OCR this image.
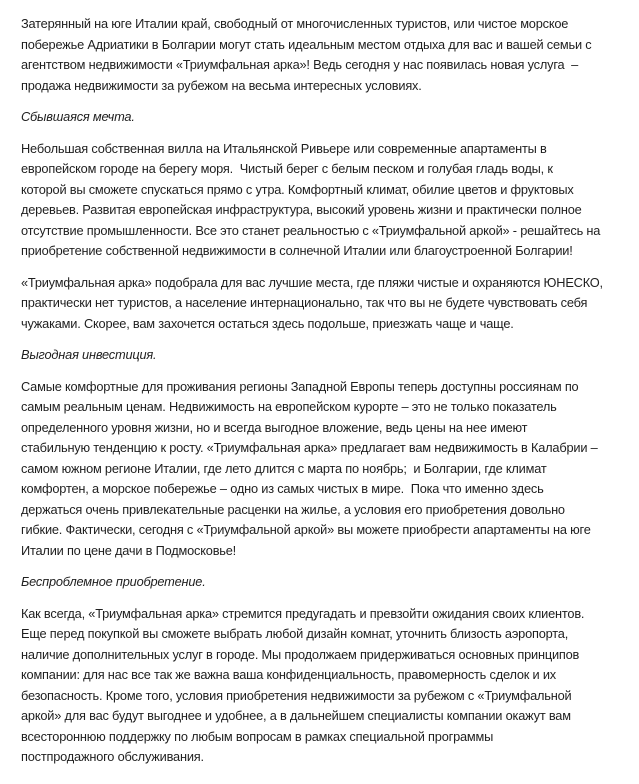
Затерянный на юге Италии край, свободный от многочисленных туристов, или чистое морское
побережье Адриатики в Болгарии могут стать идеальным местом отдыха для вас и вашей семьи с
агентством недвижимости «Триумфальная арка»! Ведь сегодня у нас появилась новая услуга  –
продажа недвижимости за рубежом на весьма интересных условиях.
Сбывшаяся мечта.
Небольшая собственная вилла на Итальянской Ривьере или современные апартаменты в
европейском городе на берегу моря.  Чистый берег с белым песком и голубая гладь воды, к
которой вы сможете спускаться прямо с утра. Комфортный климат, обилие цветов и фруктовых
деревьев. Развитая европейская инфраструктура, высокий уровень жизни и практически полное
отсутствие промышленности. Все это станет реальностью с «Триумфальной аркой» - решайтесь на
приобретение собственной недвижимости в солнечной Италии или благоустроенной Болгарии!
«Триумфальная арка» подобрала для вас лучшие места, где пляжи чистые и охраняются ЮНЕСКО,
практически нет туристов, а население интернационально, так что вы не будете чувствовать себя
чужаками. Скорее, вам захочется остаться здесь подольше, приезжать чаще и чаще.
Выгодная инвестиция.
Самые комфортные для проживания регионы Западной Европы теперь доступны россиянам по
самым реальным ценам. Недвижимость на европейском курорте – это не только показатель
определенного уровня жизни, но и всегда выгодное вложение, ведь цены на нее имеют
стабильную тенденцию к росту. «Триумфальная арка» предлагает вам недвижимость в Калабрии –
самом южном регионе Италии, где лето длится с марта по ноябрь;  и Болгарии, где климат
комфортен, а морское побережье – одно из самых чистых в мире.  Пока что именно здесь
держаться очень привлекательные расценки на жилье, а условия его приобретения довольно
гибкие. Фактически, сегодня с «Триумфальной аркой» вы можете приобрести апартаменты на юге
Италии по цене дачи в Подмосковье!
Беспроблемное приобретение.
Как всегда, «Триумфальная арка» стремится предугадать и превзойти ожидания своих клиентов.
Еще перед покупкой вы сможете выбрать любой дизайн комнат, уточнить близость аэропорта,
наличие дополнительных услуг в городе. Мы продолжаем придерживаться основных принципов
компании: для нас все так же важна ваша конфиденциальность, правомерность сделок и их
безопасность. Кроме того, условия приобретения недвижимости за рубежом с «Триумфальной
аркой» для вас будут выгоднее и удобнее, а в дальнейшем специалисты компании окажут вам
всестороннюю поддержку по любым вопросам в рамках специальной программы
постпродажного обслуживания.
